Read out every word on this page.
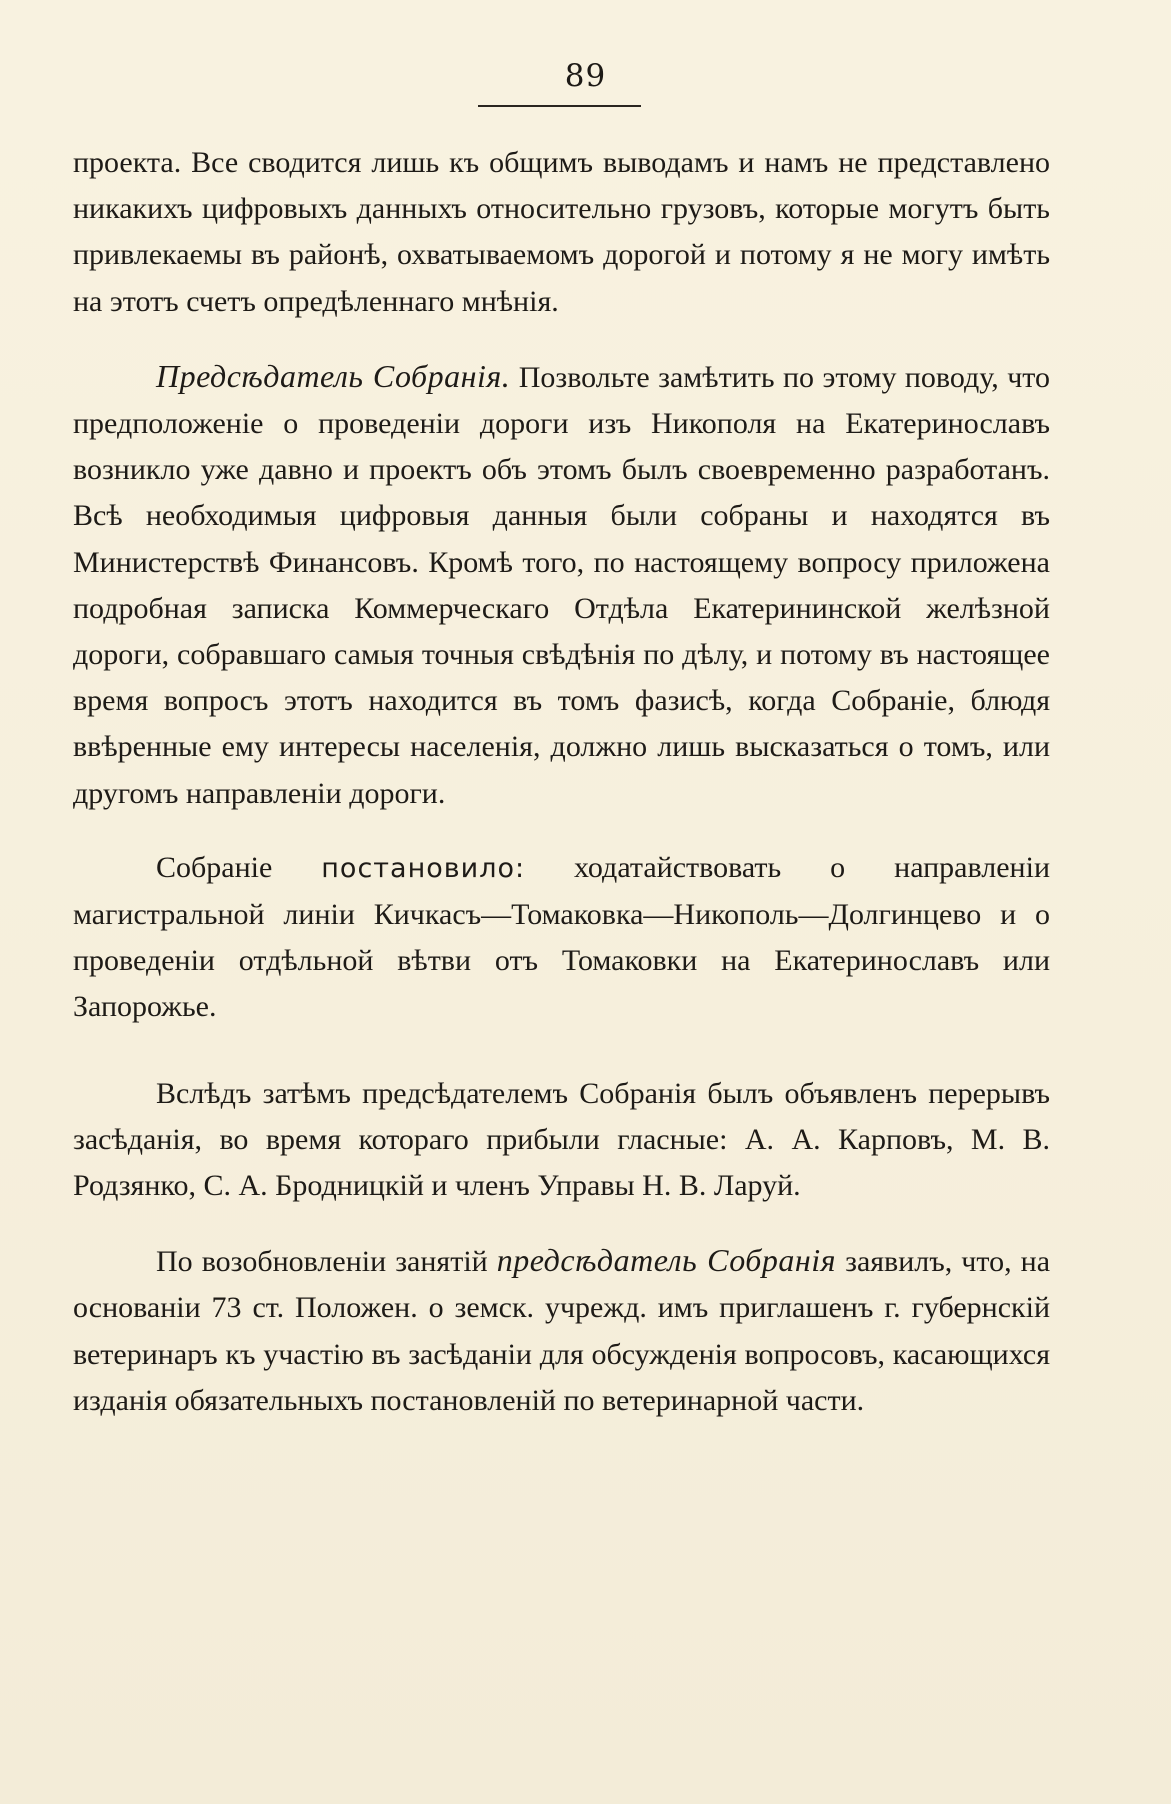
89

проекта. Все сводится лишь къ общимъ выводамъ и намъ не представлено никакихъ цифровыхъ данныхъ относительно грузовъ, которые могутъ быть привлекаемы въ районѣ, охватываемомъ дорогой и потому я не могу имѣть на этотъ счетъ опредѣленнаго мнѣнія.

Предсѣдатель Собранія. Позвольте замѣтить по этому поводу, что предположеніе о проведеніи дороги изъ Никополя на Екатеринославъ возникло уже давно и проектъ объ этомъ былъ своевременно разработанъ. Всѣ необходимыя цифровыя данныя были собраны и находятся въ Министерствѣ Финансовъ. Кромѣ того, по настоящему вопросу приложена подробная записка Коммерческаго Отдѣла Екатерининской желѣзной дороги, собравшаго самыя точныя свѣдѣнія по дѣлу, и потому въ настоящее время вопросъ этотъ находится въ томъ фазисѣ, когда Собраніе, блюдя ввѣренные ему интересы населенія, должно лишь высказаться о томъ, или другомъ направленіи дороги.

Собраніе постановило: ходатайствовать о направленіи магистральной линіи Кичкасъ—Томаковка—Никополь—Долгинцево и о проведеніи отдѣльной вѣтви отъ Томаковки на Екатеринославъ или Запорожье.

Вслѣдъ затѣмъ предсѣдателемъ Собранія былъ объявленъ перерывъ засѣданія, во время котораго прибыли гласные: А. А. Карповъ, М. В. Родзянко, С. А. Бродницкій и членъ Управы Н. В. Ларуй.

По возобновленіи занятій предсѣдатель Собранія заявилъ, что, на основаніи 73 ст. Положен. о земск. учрежд. имъ приглашенъ г. губернскій ветеринаръ къ участію въ засѣданіи для обсужденія вопросовъ, касающихся изданія обязательныхъ постановленій по ветеринарной части.
